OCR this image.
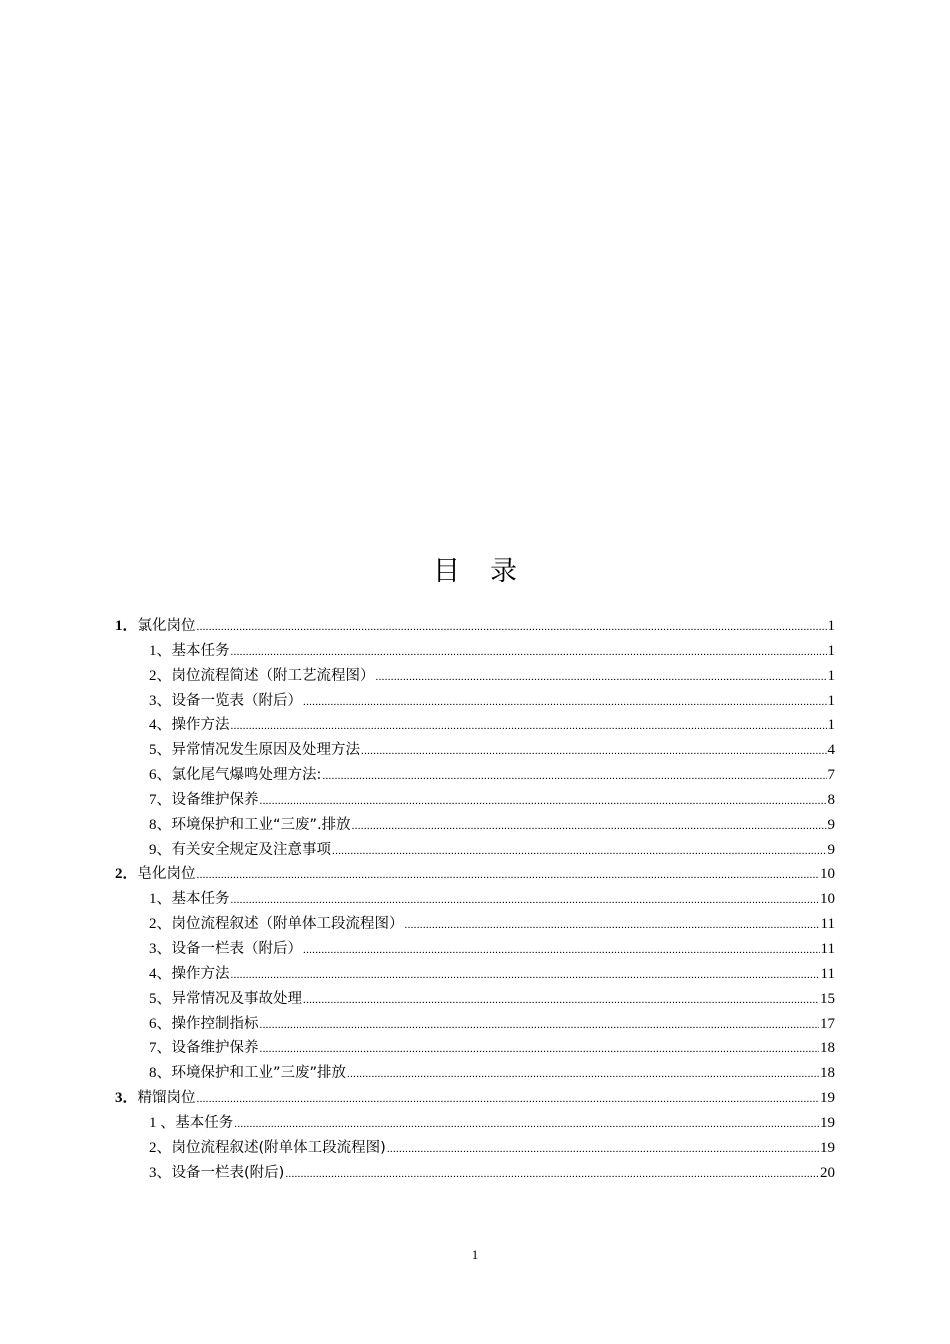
目录
1． 氯化岗位 .....	1
1、 基本任务 .....	1
2、 岗位流程简述（附工艺流程图） .....	1
3、 设备一览表（附后） .....	1
4、 操作方法 .....	1
5、 异常情况发生原因及处理方法 .....	4
6、 氯化尾气爆鸣处理方法: .....	7
7、 设备维护保养 .....	8
8、 环境保护和工业“三废”.排放 .....	9
9、 有关安全规定及注意事项 .....	9
2． 皂化岗位 .....	10
1、 基本任务 .....	10
2、 岗位流程叙述（附单体工段流程图） .....	11
3、 设备一栏表（附后） .....	11
4、 操作方法 .....	11
5、 异常情况及事故处理 .....	15
6、 操作控制指标 .....	17
7、 设备维护保养 .....	18
8、 环境保护和工业”三废”排放 .....	18
3． 精馏岗位 .....	19
1 、 基本任务 .....	19
2、 岗位流程叙述(附单体工段流程图) .....	19
3、 设备一栏表(附后) .....	20
1
